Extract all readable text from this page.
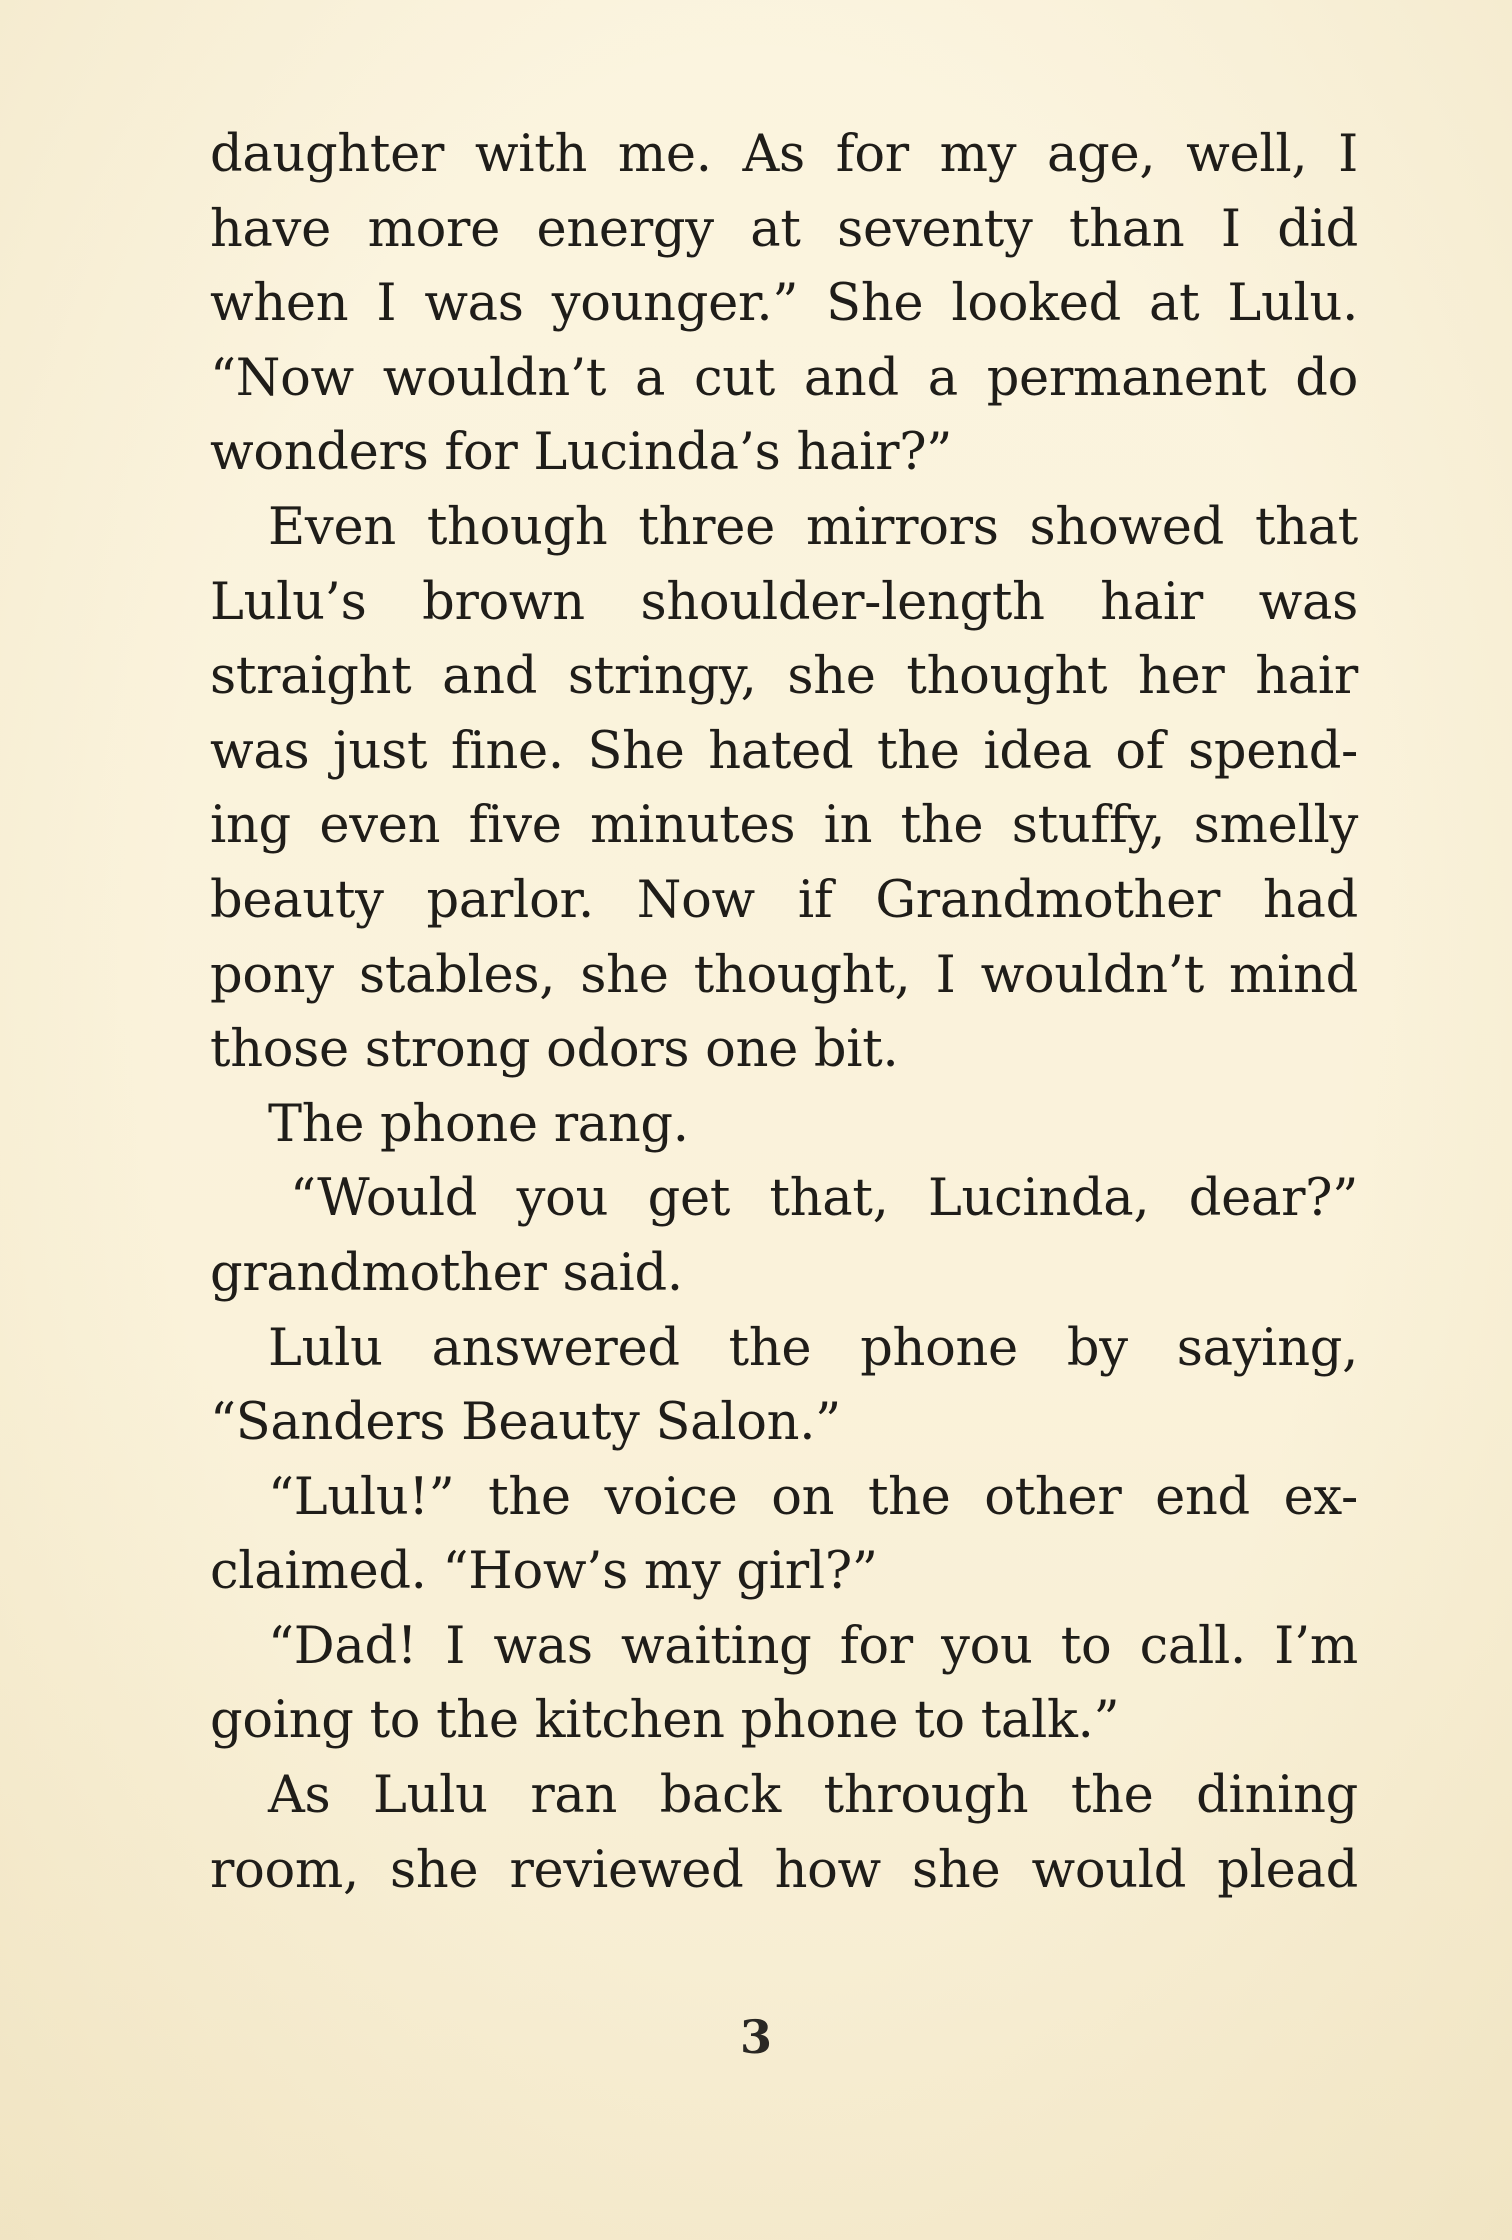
daughter with me. As for my age, well, I
have more energy at seventy than I did
when I was younger.” She looked at Lulu.
“Now wouldn’t a cut and a permanent do
wonders for Lucinda’s hair?”
Even though three mirrors showed that
Lulu’s brown shoulder-length hair was
straight and stringy, she thought her hair
was just fine. She hated the idea of spend-
ing even five minutes in the stuffy, smelly
beauty parlor. Now if Grandmother had
pony stables, she thought, I wouldn’t mind
those strong odors one bit.
The phone rang.
“Would you get that, Lucinda, dear?”
grandmother said.
Lulu answered the phone by saying,
“Sanders Beauty Salon.”
“Lulu!” the voice on the other end ex-
claimed. “How’s my girl?”
“Dad! I was waiting for you to call. I’m
going to the kitchen phone to talk.”
As Lulu ran back through the dining
room, she reviewed how she would plead
3
